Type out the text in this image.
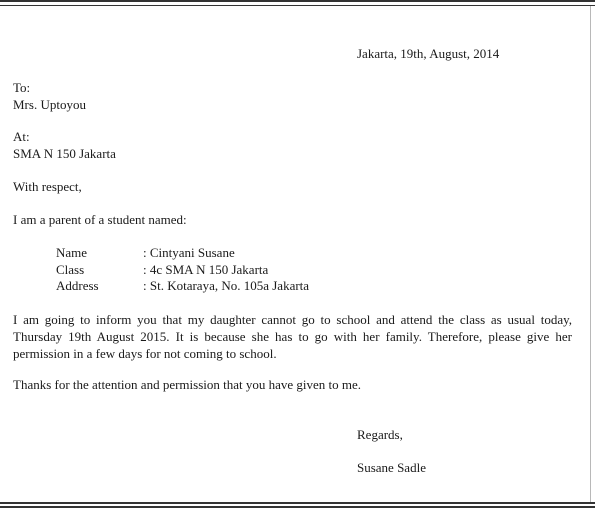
Jakarta, 19th, August, 2014
To:
Mrs. Uptoyou
At:
SMA N 150 Jakarta
With respect,
I am a parent of a student named:
Name	: Cintyani Susane
Class	: 4c SMA N 150 Jakarta
Address	: St. Kotaraya, No. 105a Jakarta
I am going to inform you that my daughter cannot go to school and attend the class as usual today, Thursday 19th August 2015. It is because she has to go with her family. Therefore, please give her permission in a few days for not coming to school.
Thanks for the attention and permission that you have given to me.
Regards,
Susane Sadle
